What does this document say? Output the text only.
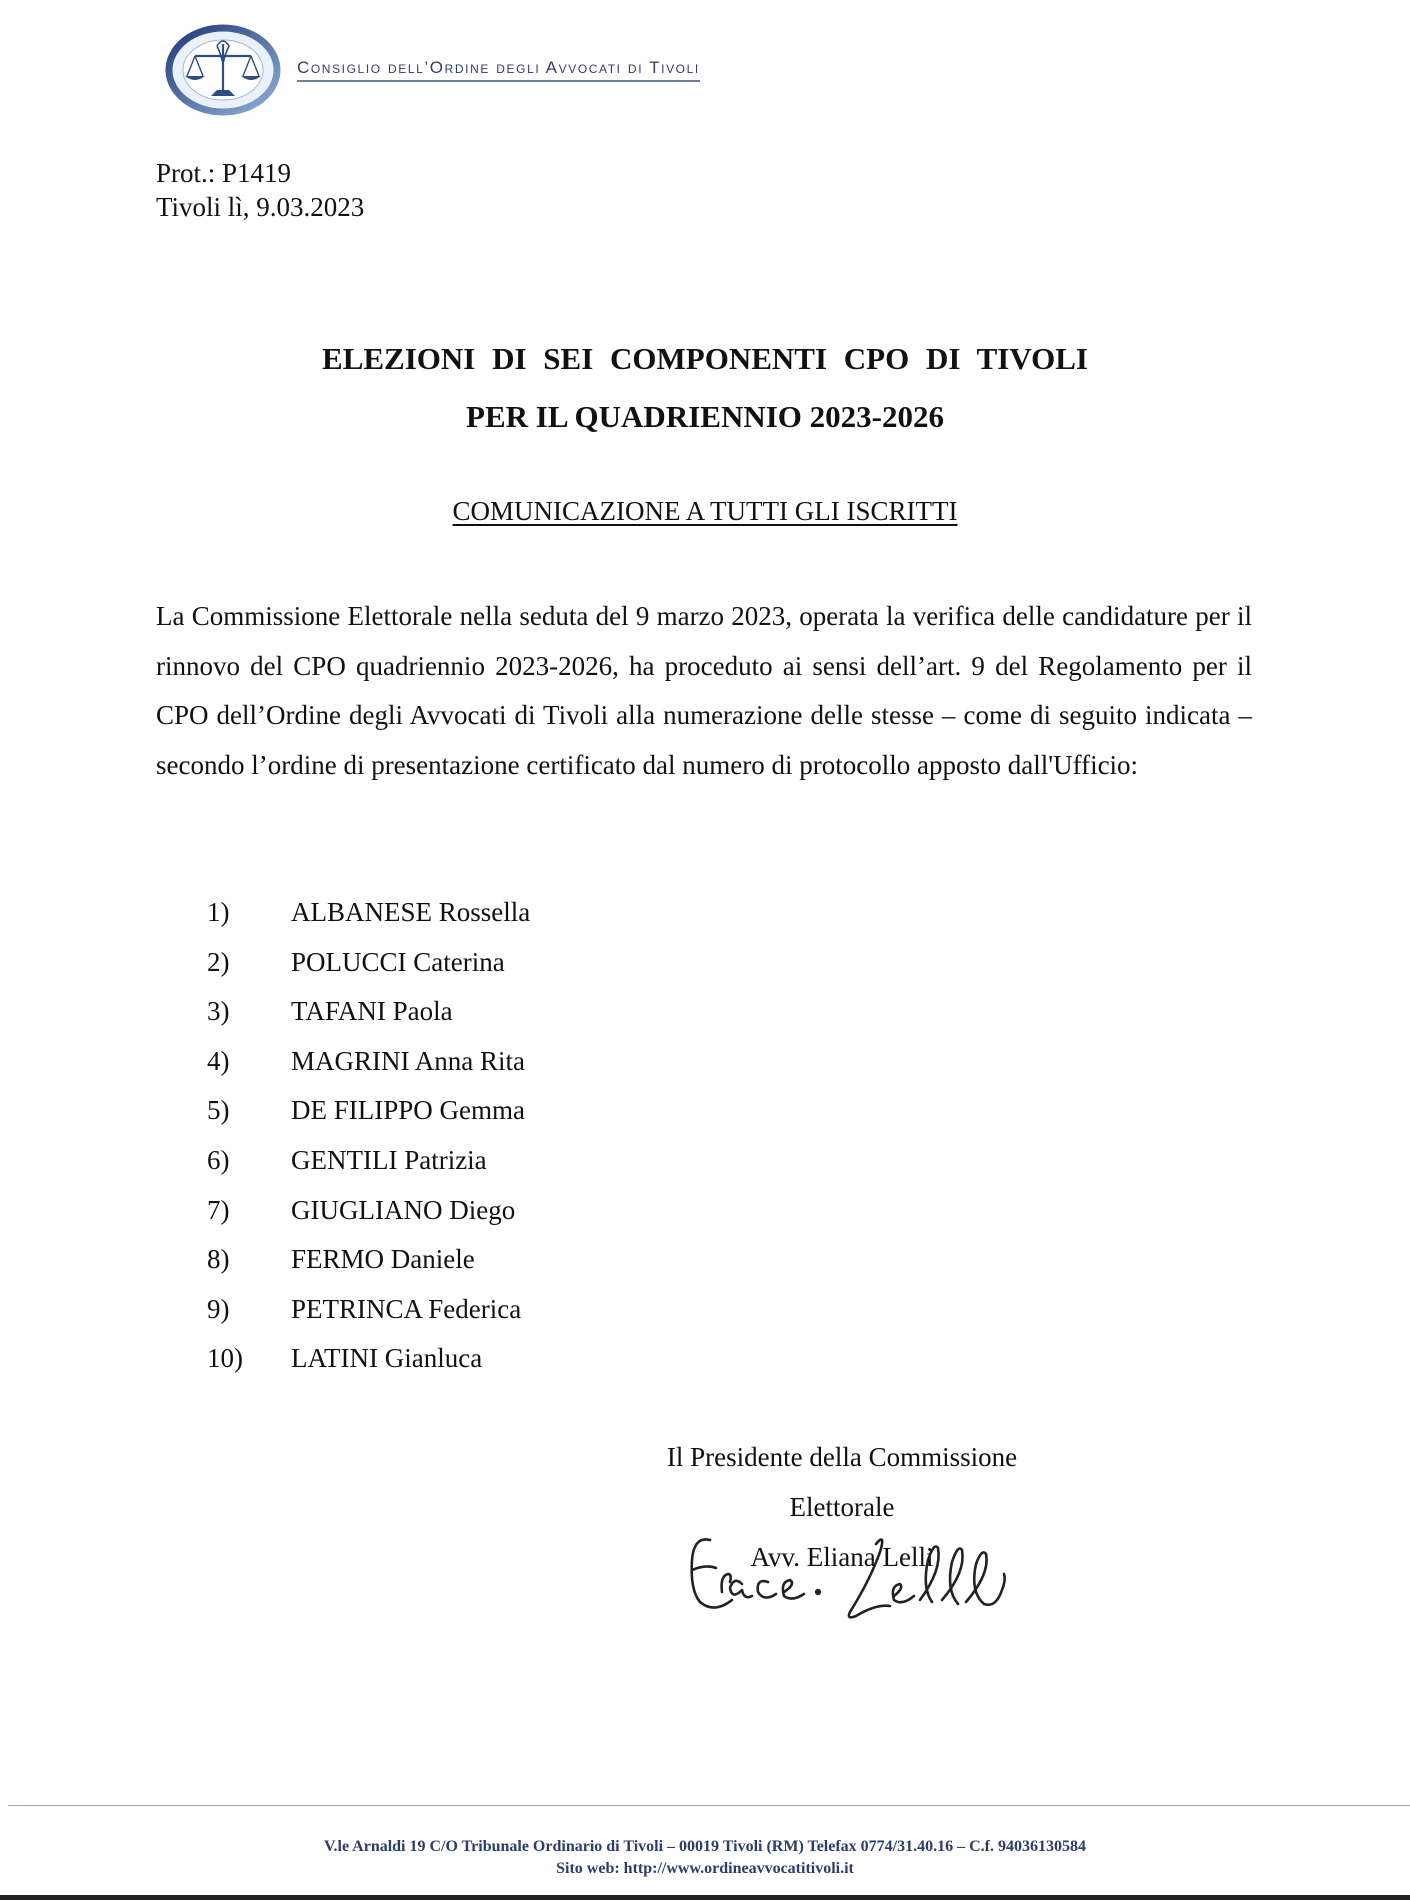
Consiglio dell’Ordine degli Avvocati di Tivoli
Prot.: P1419
Tivoli lì, 9.03.2023
ELEZIONI DI SEI COMPONENTI CPO DI TIVOLI
PER IL QUADRIENNIO 2023-2026
COMUNICAZIONE A TUTTI GLI ISCRITTI
La Commissione Elettorale nella seduta del 9 marzo 2023, operata la verifica delle candidature per il rinnovo del CPO quadriennio 2023-2026, ha proceduto ai sensi dell’art. 9 del Regolamento per il CPO dell’Ordine degli Avvocati di Tivoli alla numerazione delle stesse – come di seguito indicata – secondo l’ordine di presentazione certificato dal numero di protocollo apposto dall'Ufficio:
1)	ALBANESE Rossella
2)	POLUCCI Caterina
3)	TAFANI Paola
4)	MAGRINI Anna Rita
5)	DE FILIPPO Gemma
6)	GENTILI Patrizia
7)	GIUGLIANO Diego
8)	FERMO Daniele
9)	PETRINCA Federica
10)	LATINI Gianluca
Il Presidente della Commissione Elettorale
Avv. Eliana Lelli
V.le Arnaldi 19 C/O Tribunale Ordinario di Tivoli – 00019 Tivoli (RM) Telefax 0774/31.40.16 – C.f. 94036130584
Sito web: http://www.ordineavvocatitivoli.it
